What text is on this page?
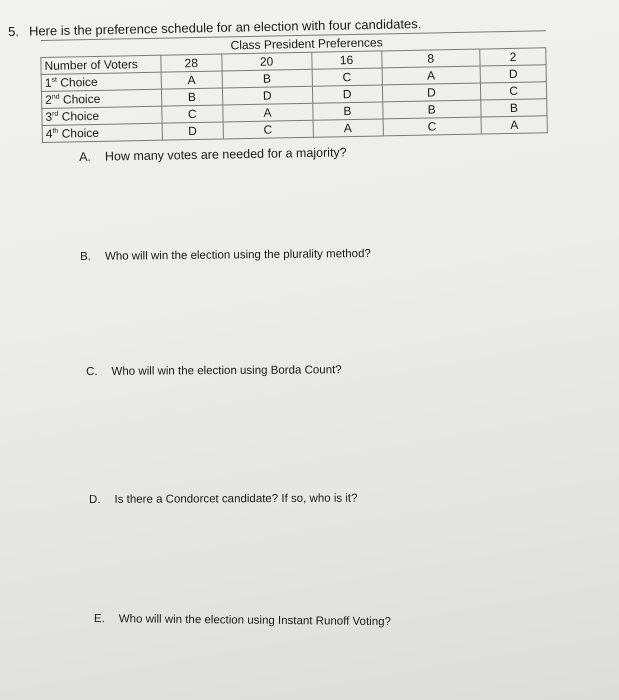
5. Here is the preference schedule for an election with four candidates.
Class President Preferences					
Number of Voters	28	20	16	8	2
1st Choice	A	B	C	A	D
2nd Choice	B	D	D	D	C
3rd Choice	C	A	B	B	B
4th Choice	D	C	A	C	A
A. How many votes are needed for a majority?
B. Who will win the election using the plurality method?
C. Who will win the election using Borda Count?
D. Is there a Condorcet candidate? If so, who is it?
E. Who will win the election using Instant Runoff Voting?
